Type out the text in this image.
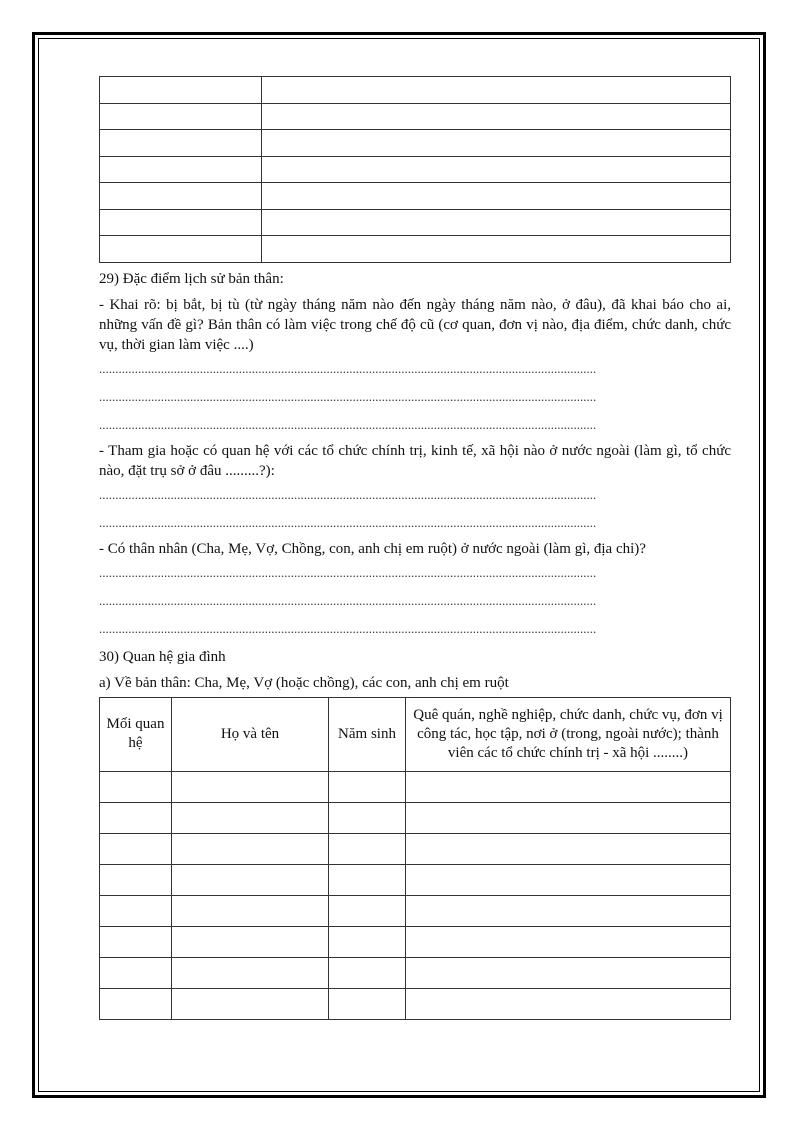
29) Đặc điểm lịch sử bản thân:

- Khai rõ: bị bắt, bị tù (từ ngày tháng năm nào đến ngày tháng năm nào, ở đâu), đã khai báo cho ai, những vấn đề gì? Bản thân có làm việc trong chế độ cũ (cơ quan, đơn vị nào, địa điểm, chức danh, chức vụ, thời gian làm việc ....)

.........................................................................................................................................................
.........................................................................................................................................................
.........................................................................................................................................................

- Tham gia hoặc có quan hệ với các tổ chức chính trị, kinh tế, xã hội nào ở nước ngoài (làm gì, tổ chức nào, đặt trụ sở ở đâu .........?):

.........................................................................................................................................................
.........................................................................................................................................................

- Có thân nhân (Cha, Mẹ, Vợ, Chồng, con, anh chị em ruột) ở nước ngoài (làm gì, địa chỉ)?

.........................................................................................................................................................
.........................................................................................................................................................
.........................................................................................................................................................

30) Quan hệ gia đình

a) Về bản thân: Cha, Mẹ, Vợ (hoặc chồng), các con, anh chị em ruột

Mối quan hệ	Họ và tên	Năm sinh	Quê quán, nghề nghiệp, chức danh, chức vụ, đơn vị công tác, học tập, nơi ở (trong, ngoài nước); thành viên các tổ chức chính trị - xã hội ........)
